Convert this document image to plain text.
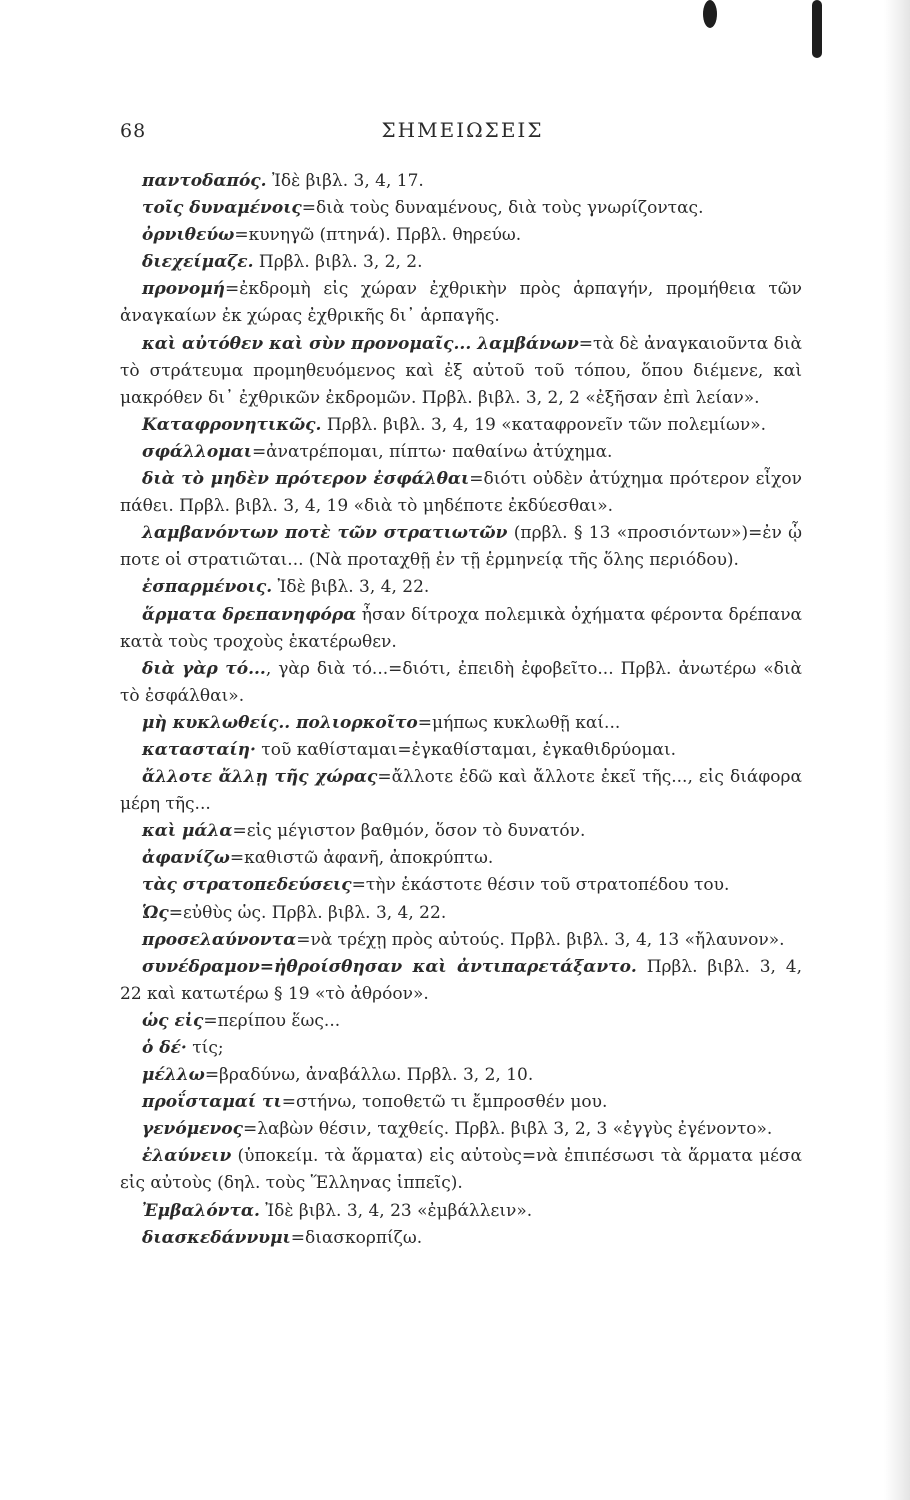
68	ΣΗΜΕΙΩΣΕΙΣ

παντοδαπός. Ἰδὲ βιβλ. 3, 4, 17.

τοῖς δυναμένοις=διὰ τοὺς δυναμένους, διὰ τοὺς γνωρίζοντας.

ὀρνιθεύω=κυνηγῶ (πτηνά). Πρβλ. θηρεύω.

διεχείμαζε. Πρβλ. βιβλ. 3, 2, 2.

προνομή=ἐκδρομὴ εἰς χώραν ἐχθρικὴν πρὸς ἁρπαγήν, προμήθεια τῶν ἀναγκαίων ἐκ χώρας ἐχθρικῆς δι᾽ ἁρπαγῆς.

καὶ αὐτόθεν καὶ σὺν προνομαῖς... λαμβάνων=τὰ δὲ ἀναγκαιοῦντα διὰ τὸ στράτευμα προμηθευόμενος καὶ ἐξ αὐτοῦ τοῦ τόπου, ὅπου διέμενε, καὶ μακρόθεν δι᾽ ἐχθρικῶν ἐκδρομῶν. Πρβλ. βιβλ. 3, 2, 2 «ἐξῆσαν ἐπὶ λείαν».

Καταφρονητικῶς. Πρβλ. βιβλ. 3, 4, 19 «καταφρονεῖν τῶν πολεμίων».

σφάλλομαι=ἀνατρέπομαι, πίπτω· παθαίνω ἀτύχημα.

διὰ τὸ μηδὲν πρότερον ἐσφάλθαι=διότι οὐδὲν ἀτύχημα πρότερον εἶχον πάθει. Πρβλ. βιβλ. 3, 4, 19 «διὰ τὸ μηδέποτε ἐκδύεσθαι».

λαμβανόντων ποτὲ τῶν στρατιωτῶν (πρβλ. § 13 «προσιόντων»)=ἐν ᾧ ποτε οἱ στρατιῶται... (Νὰ προταχθῇ ἐν τῇ ἑρμηνείᾳ τῆς ὅλης περιόδου).

ἐσπαρμένοις. Ἰδὲ βιβλ. 3, 4, 22.

ἅρματα δρεπανηφόρα ἦσαν δίτροχα πολεμικὰ ὀχήματα φέροντα δρέπανα κατὰ τοὺς τροχοὺς ἑκατέρωθεν.

διὰ γὰρ τό..., γὰρ διὰ τό...=διότι, ἐπειδὴ ἐφοβεῖτο... Πρβλ. ἀνωτέρω «διὰ τὸ ἐσφάλθαι».

μὴ κυκλωθείς.. πολιορκοῖτο=μήπως κυκλωθῇ καί...

κατασταίη· τοῦ καθίσταμαι=ἐγκαθίσταμαι, ἐγκαθιδρύομαι.

ἄλλοτε ἄλλῃ τῆς χώρας=ἄλλοτε ἐδῶ καὶ ἄλλοτε ἐκεῖ τῆς..., εἰς διάφορα μέρη τῆς...

καὶ μάλα=εἰς μέγιστον βαθμόν, ὅσον τὸ δυνατόν.

ἀφανίζω=καθιστῶ ἀφανῆ, ἀποκρύπτω.

τὰς στρατοπεδεύσεις=τὴν ἑκάστοτε θέσιν τοῦ στρατοπέδου του.

Ὡς=εὐθὺς ὡς. Πρβλ. βιβλ. 3, 4, 22.

προσελαύνοντα=νὰ τρέχῃ πρὸς αὐτούς. Πρβλ. βιβλ. 3, 4, 13 «ἤλαυνον».

συνέδραμον=ἠθροίσθησαν καὶ ἀντιπαρετάξαντο. Πρβλ. βιβλ. 3, 4, 22 καὶ κατωτέρω § 19 «τὸ ἀθρόον».

ὡς εἰς=περίπου ἕως...

ὁ δέ· τίς;

μέλλω=βραδύνω, ἀναβάλλω. Πρβλ. 3, 2, 10.

προΐσταμαί τι=στήνω, τοποθετῶ τι ἔμπροσθέν μου.

γενόμενος=λαβὼν θέσιν, ταχθείς. Πρβλ. βιβλ 3, 2, 3 «ἐγγὺς ἐγένοντο».

ἐλαύνειν (ὑποκείμ. τὰ ἅρματα) εἰς αὐτοὺς=νὰ ἐπιπέσωσι τὰ ἅρματα μέσα εἰς αὐτοὺς (δηλ. τοὺς Ἕλληνας ἱππεῖς).

Ἐμβαλόντα. Ἰδὲ βιβλ. 3, 4, 23 «ἐμβάλλειν».

διασκεδάννυμι=διασκορπίζω.
